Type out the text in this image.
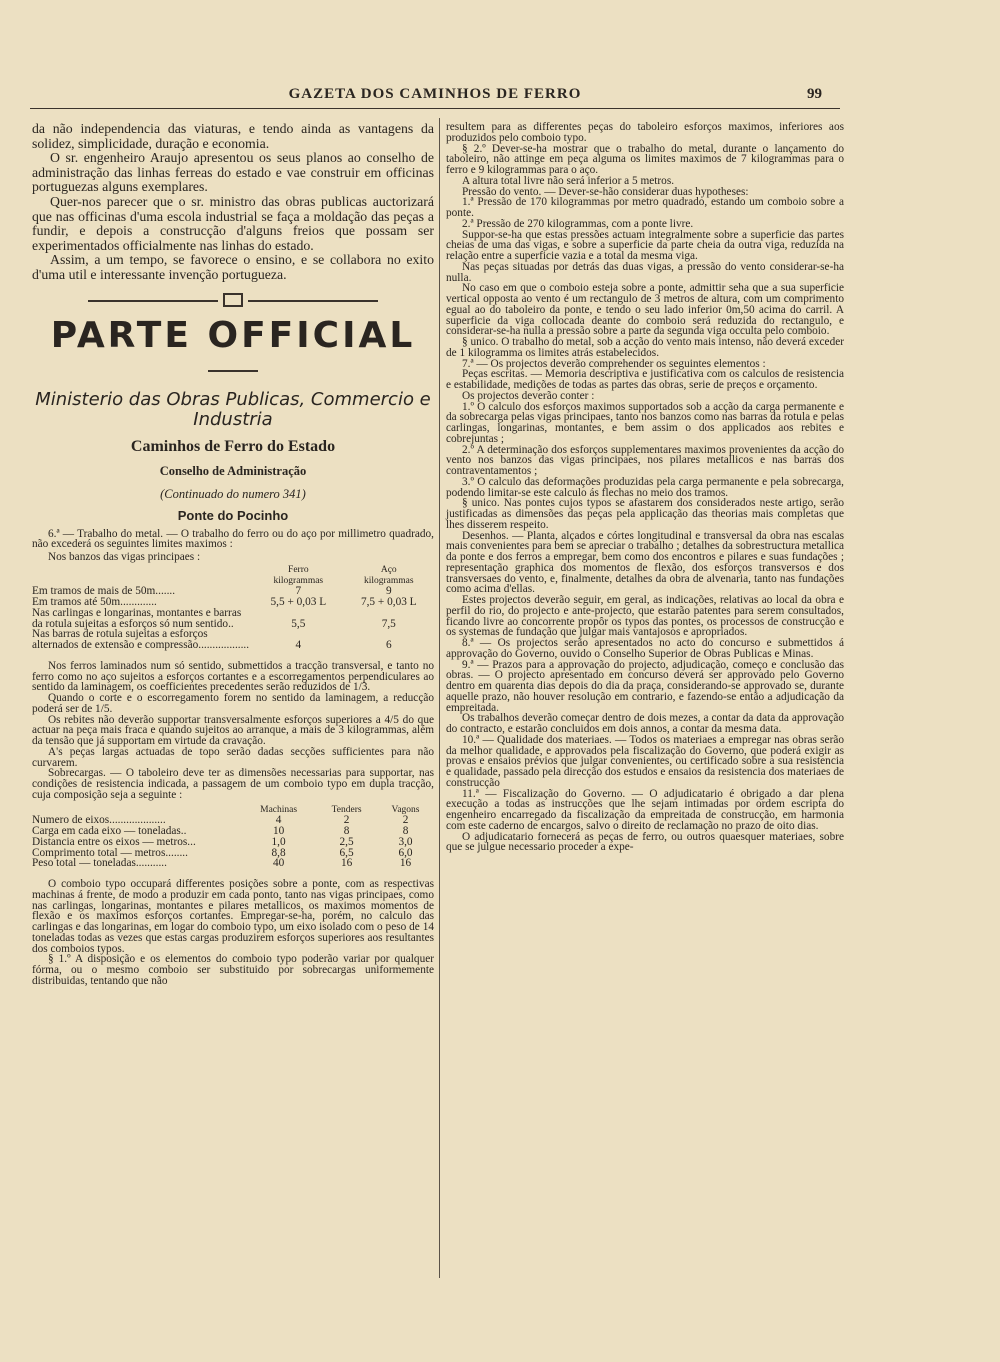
GAZETA DOS CAMINHOS DE FERRO	99

da não independencia das viaturas, e tendo ainda as vantagens da solidez, simplicidade, duração e economia.

O sr. engenheiro Araujo apresentou os seus planos ao conselho de administração das linhas ferreas do estado e vae construir em officinas portuguezas alguns exemplares.

Quer-nos parecer que o sr. ministro das obras publicas auctorizará que nas officinas d'uma escola industrial se faça a moldação das peças a fundir, e depois a construcção d'alguns freios que possam ser experimentados officialmente nas linhas do estado.

Assim, a um tempo, se favorece o ensino, e se collabora no exito d'uma util e interessante invenção portugueza.

PARTE OFFICIAL
Ministerio das Obras Publicas, Commercio e Industria
Caminhos de Ferro do Estado
Conselho de Administração
(Continuado do numero 341)
Ponte do Pocinho

6.ª — Trabalho do metal. — O trabalho do ferro ou do aço por millimetro quadrado, não excederá os seguintes limites maximos :

Nos banzos das vigas principaes :

	Ferro	Aço
	kilogrammas	kilogrammas
Em tramos de mais de 50m.......	7	9
Em tramos até 50m.............	5,5 + 0,03 L	7,5 + 0,03 L
Nas carlingas e longarinas, montantes e barras da rotula sujeitas a esforços só num sentido..	5,5	7,5
Nas barras de rotula sujeitas a esforços alternados de extensão e compressão..................	4	6

Nos ferros laminados num só sentido, submettidos a tracção transversal, e tanto no ferro como no aço sujeitos a esforços cortantes e a escorregamentos perpendiculares ao sentido da laminagem, os coefficientes precedentes serão reduzidos de 1/3.

Quando o corte e o escorregamento forem no sentido da laminagem, a reducção poderá ser de 1/5.

Os rebites não deverão supportar transversalmente esforços superiores a 4/5 do que actuar na peça mais fraca e quando sujeitos ao arranque, a mais de 3 kilogrammas, além da tensão que já supportam em virtude da cravação.

A's peças largas actuadas de topo serão dadas secções sufficientes para não curvarem.

Sobrecargas. — O taboleiro deve ter as dimensões necessarias para supportar, nas condições de resistencia indicada, a passagem de um comboio typo em dupla tracção, cuja composição seja a seguinte :

	Machinas	Tenders	Vagons
Numero de eixos....................	4	2	2
Carga em cada eixo — toneladas..	10	8	8
Distancia entre os eixos — metros...	1,0	2,5	3,0
Comprimento total — metros........	8,8	6,5	6,0
Peso total — toneladas...........	40	16	16

O comboio typo occupará differentes posições sobre a ponte, com as respectivas machinas á frente, de modo a produzir em cada ponto, tanto nas vigas principaes, como nas carlingas, longarinas, montantes e pilares metallicos, os maximos momentos de flexão e os maximos esforços cortantes. Empregar-se-ha, porém, no calculo das carlingas e das longarinas, em logar do comboio typo, um eixo isolado com o peso de 14 toneladas todas as vezes que estas cargas produzirem esforços superiores aos resultantes dos comboios typos.

§ 1.º A disposição e os elementos do comboio typo poderão variar por qualquer fórma, ou o mesmo comboio ser substituido por sobrecargas uniformemente distribuidas, tentando que não

resultem para as differentes peças do taboleiro esforços maximos, inferiores aos produzidos pelo comboio typo.

§ 2.º Dever-se-ha mostrar que o trabalho do metal, durante o lançamento do taboleiro, não attinge em peça alguma os limites maximos de 7 kilogrammas para o ferro e 9 kilogrammas para o aço.

A altura total livre não será inferior a 5 metros.

Pressão do vento. — Dever-se-hão considerar duas hypotheses:

1.ª Pressão de 170 kilogrammas por metro quadrado, estando um comboio sobre a ponte.

2.ª Pressão de 270 kilogrammas, com a ponte livre.

Suppor-se-ha que estas pressões actuam integralmente sobre a superficie das partes cheias de uma das vigas, e sobre a superficie da parte cheia da outra viga, reduzida na relação entre a superficie vazia e a total da mesma viga.

Nas peças situadas por detrás das duas vigas, a pressão do vento considerar-se-ha nulla.

No caso em que o comboio esteja sobre a ponte, admittir seha que a sua superficie vertical opposta ao vento é um rectangulo de 3 metros de altura, com um comprimento egual ao do taboleiro da ponte, e tendo o seu lado inferior 0m,50 acima do carril. A superficie da viga collocada deante do comboio será reduzida do rectangulo, e considerar-se-ha nulla a pressão sobre a parte da segunda viga occulta pelo comboio.

§ unico. O trabalho do metal, sob a acção do vento mais intenso, não deverá exceder de 1 kilogramma os limites atrás estabelecidos.

7.ª — Os projectos deverão comprehender os seguintes elementos :

Peças escritas. — Memoria descriptiva e justificativa com os calculos de resistencia e estabilidade, medições de todas as partes das obras, serie de preços e orçamento.

Os projectos deverão conter :

1.º O calculo dos esforços maximos supportados sob a acção da carga permanente e da sobrecarga pelas vigas principaes, tanto nos banzos como nas barras da rotula e pelas carlingas, longarinas, montantes, e bem assim o dos applicados aos rebites e cobrejuntas ;

2.º A determinação dos esforços supplementares maximos provenientes da acção do vento nos banzos das vigas principaes, nos pilares metallicos e nas barras dos contraventamentos ;

3.º O calculo das deformações produzidas pela carga permanente e pela sobrecarga, podendo limitar-se este calculo ás flechas no meio dos tramos.

§ unico. Nas pontes cujos typos se afastarem dos considerados neste artigo, serão justificadas as dimensões das peças pela applicação das theorias mais completas que lhes disserem respeito.

Desenhos. — Planta, alçados e córtes longitudinal e transversal da obra nas escalas mais convenientes para bem se apreciar o trabalho ; detalhes da sobrestructura metallica da ponte e dos ferros a empregar, bem como dos encontros e pilares e suas fundações ; representação graphica dos momentos de flexão, dos esforços transversos e dos transversaes do vento, e, finalmente, detalhes da obra de alvenaria, tanto nas fundações como acima d'ellas.

Estes projectos deverão seguir, em geral, as indicações, relativas ao local da obra e perfil do rio, do projecto e ante-projecto, que estarão patentes para serem consultados, ficando livre ao concorrente propôr os typos das pontes, os processos de construcção e os systemas de fundação que julgar mais vantajosos e apropriados.

8.ª — Os projectos serão apresentados no acto do concurso e submettidos á approvação do Governo, ouvido o Conselho Superior de Obras Publicas e Minas.

9.ª — Prazos para a approvação do projecto, adjudicação, começo e conclusão das obras. — O projecto apresentado em concurso deverá ser approvado pelo Governo dentro em quarenta dias depois do dia da praça, considerando-se approvado se, durante aquelle prazo, não houver resolução em contrario, e fazendo-se então a adjudicação da empreitada.

Os trabalhos deverão começar dentro de dois mezes, a contar da data da approvação do contracto, e estarão concluidos em dois annos, a contar da mesma data.

10.ª — Qualidade dos materiaes. — Todos os materiaes a empregar nas obras serão da melhor qualidade, e approvados pela fiscalização do Governo, que poderá exigir as provas e ensaios prévios que julgar convenientes, ou certificado sobre a sua resistencia e qualidade, passado pela direcção dos estudos e ensaios da resistencia dos materiaes de construcção

11.ª — Fiscalização do Governo. — O adjudicatario é obrigado a dar plena execução a todas as instrucções que lhe sejam intimadas por ordem escripta do engenheiro encarregado da fiscalização da empreitada de construcção, em harmonia com este caderno de encargos, salvo o direito de reclamação no prazo de oito dias.

O adjudicatario fornecerá as peças de ferro, ou outros quaesquer materiaes, sobre que se julgue necessario proceder a expe-
